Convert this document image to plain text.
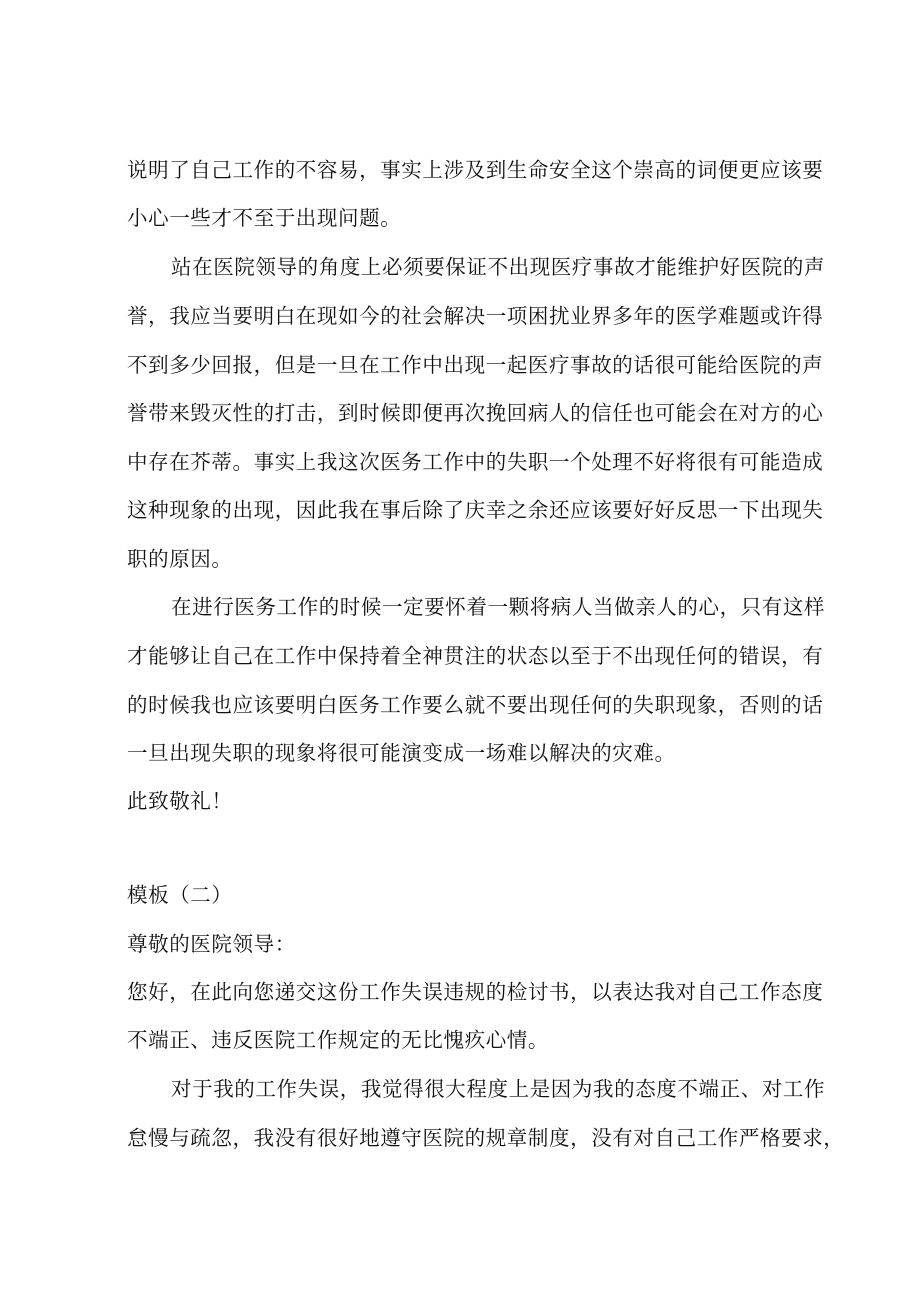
说明了自己工作的不容易，事实上涉及到生命安全这个崇高的词便更应该要
小心一些才不至于出现问题。
站在医院领导的角度上必须要保证不出现医疗事故才能维护好医院的声
誉，我应当要明白在现如今的社会解决一项困扰业界多年的医学难题或许得
不到多少回报，但是一旦在工作中出现一起医疗事故的话很可能给医院的声
誉带来毁灭性的打击，到时候即便再次挽回病人的信任也可能会在对方的心
中存在芥蒂。事实上我这次医务工作中的失职一个处理不好将很有可能造成
这种现象的出现，因此我在事后除了庆幸之余还应该要好好反思一下出现失
职的原因。
在进行医务工作的时候一定要怀着一颗将病人当做亲人的心，只有这样
才能够让自己在工作中保持着全神贯注的状态以至于不出现任何的错误，有
的时候我也应该要明白医务工作要么就不要出现任何的失职现象，否则的话
一旦出现失职的现象将很可能演变成一场难以解决的灾难。
此致敬礼！
模板（二）
尊敬的医院领导：
您好，在此向您递交这份工作失误违规的检讨书，以表达我对自己工作态度
不端正、违反医院工作规定的无比愧疚心情。
对于我的工作失误，我觉得很大程度上是因为我的态度不端正、对工作
怠慢与疏忽，我没有很好地遵守医院的规章制度，没有对自己工作严格要求，
